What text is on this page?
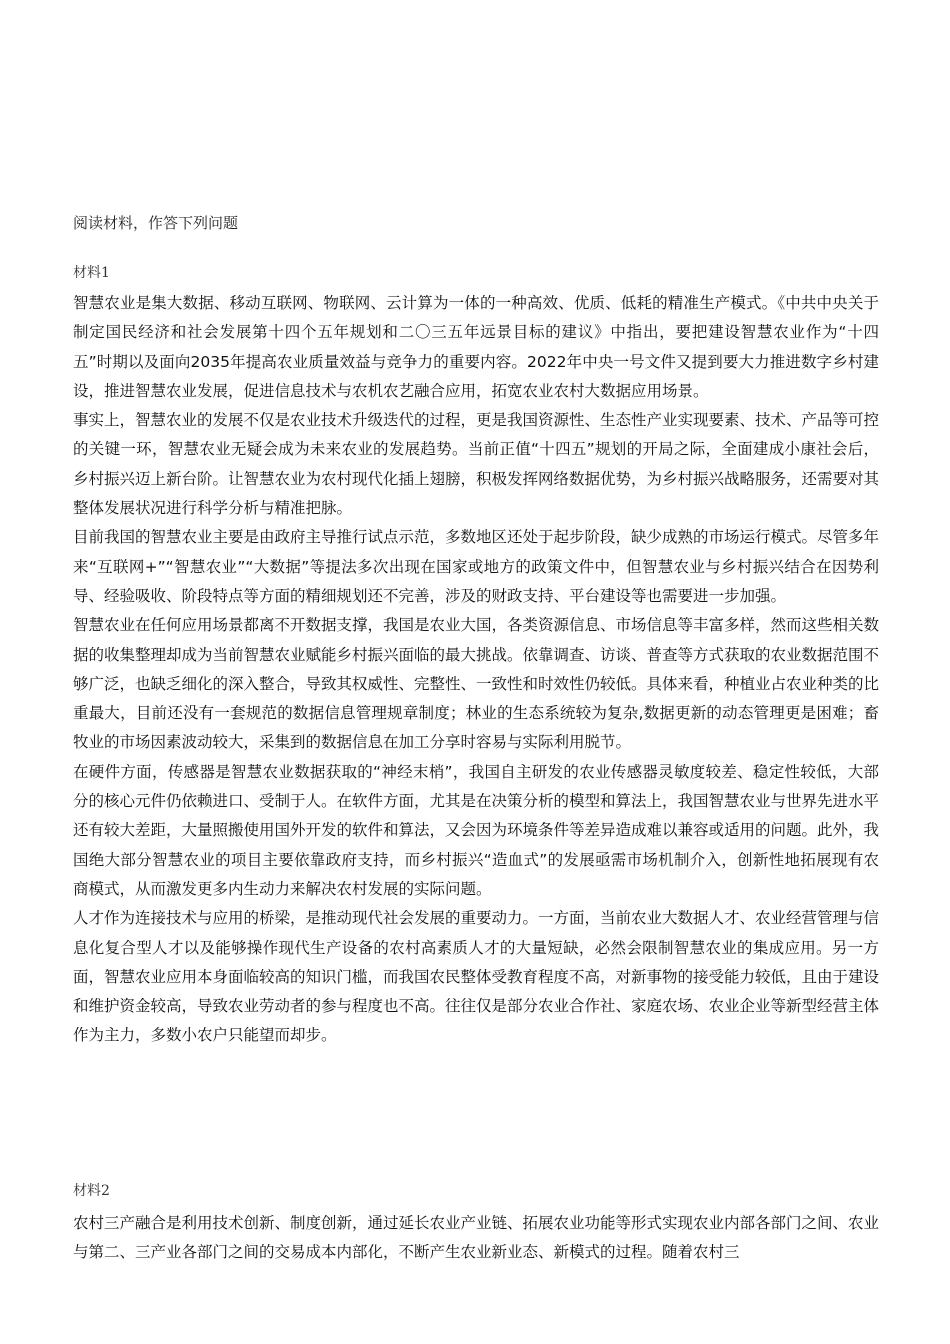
阅读材料，作答下列问题
材料1

智慧农业是集大数据、移动互联网、物联网、云计算为一体的一种高效、优质、低耗的精准生产模式。《中共中央关于制定国民经济和社会发展第十四个五年规划和二〇三五年远景目标的建议》中指出，要把建设智慧农业作为“十四五”时期以及面向2035年提高农业质量效益与竞争力的重要内容。2022年中央一号文件又提到要大力推进数字乡村建设，推进智慧农业发展，促进信息技术与农机农艺融合应用，拓宽农业农村大数据应用场景。

事实上，智慧农业的发展不仅是农业技术升级迭代的过程，更是我国资源性、生态性产业实现要素、技术、产品等可控的关键一环，智慧农业无疑会成为未来农业的发展趋势。当前正值“十四五”规划的开局之际，全面建成小康社会后，乡村振兴迈上新台阶。让智慧农业为农村现代化插上翅膀，积极发挥网络数据优势，为乡村振兴战略服务，还需要对其整体发展状况进行科学分析与精准把脉。

目前我国的智慧农业主要是由政府主导推行试点示范，多数地区还处于起步阶段，缺少成熟的市场运行模式。尽管多年来“互联网+”“智慧农业”“大数据”等提法多次出现在国家或地方的政策文件中，但智慧农业与乡村振兴结合在因势利导、经验吸收、阶段特点等方面的精细规划还不完善，涉及的财政支持、平台建设等也需要进一步加强。

智慧农业在任何应用场景都离不开数据支撑，我国是农业大国，各类资源信息、市场信息等丰富多样，然而这些相关数据的收集整理却成为当前智慧农业赋能乡村振兴面临的最大挑战。依靠调查、访谈、普查等方式获取的农业数据范围不够广泛，也缺乏细化的深入整合，导致其权威性、完整性、一致性和时效性仍较低。具体来看，种植业占农业种类的比重最大，目前还没有一套规范的数据信息管理规章制度；林业的生态系统较为复杂,数据更新的动态管理更是困难；畜牧业的市场因素波动较大，采集到的数据信息在加工分享时容易与实际利用脱节。

在硬件方面，传感器是智慧农业数据获取的“神经末梢”，我国自主研发的农业传感器灵敏度较差、稳定性较低，大部分的核心元件仍依赖进口、受制于人。在软件方面，尤其是在决策分析的模型和算法上，我国智慧农业与世界先进水平还有较大差距，大量照搬使用国外开发的软件和算法，又会因为环境条件等差异造成难以兼容或适用的问题。此外，我国绝大部分智慧农业的项目主要依靠政府支持，而乡村振兴“造血式”的发展亟需市场机制介入，创新性地拓展现有农商模式，从而激发更多内生动力来解决农村发展的实际问题。

人才作为连接技术与应用的桥梁，是推动现代社会发展的重要动力。一方面，当前农业大数据人才、农业经营管理与信息化复合型人才以及能够操作现代生产设备的农村高素质人才的大量短缺，必然会限制智慧农业的集成应用。另一方面，智慧农业应用本身面临较高的知识门槛，而我国农民整体受教育程度不高，对新事物的接受能力较低，且由于建设和维护资金较高，导致农业劳动者的参与程度也不高。往往仅是部分农业合作社、家庭农场、农业企业等新型经营主体作为主力，多数小农户只能望而却步。

材料2

农村三产融合是利用技术创新、制度创新，通过延长农业产业链、拓展农业功能等形式实现农业内部各部门之间、农业与第二、三产业各部门之间的交易成本内部化，不断产生农业新业态、新模式的过程。随着农村三
